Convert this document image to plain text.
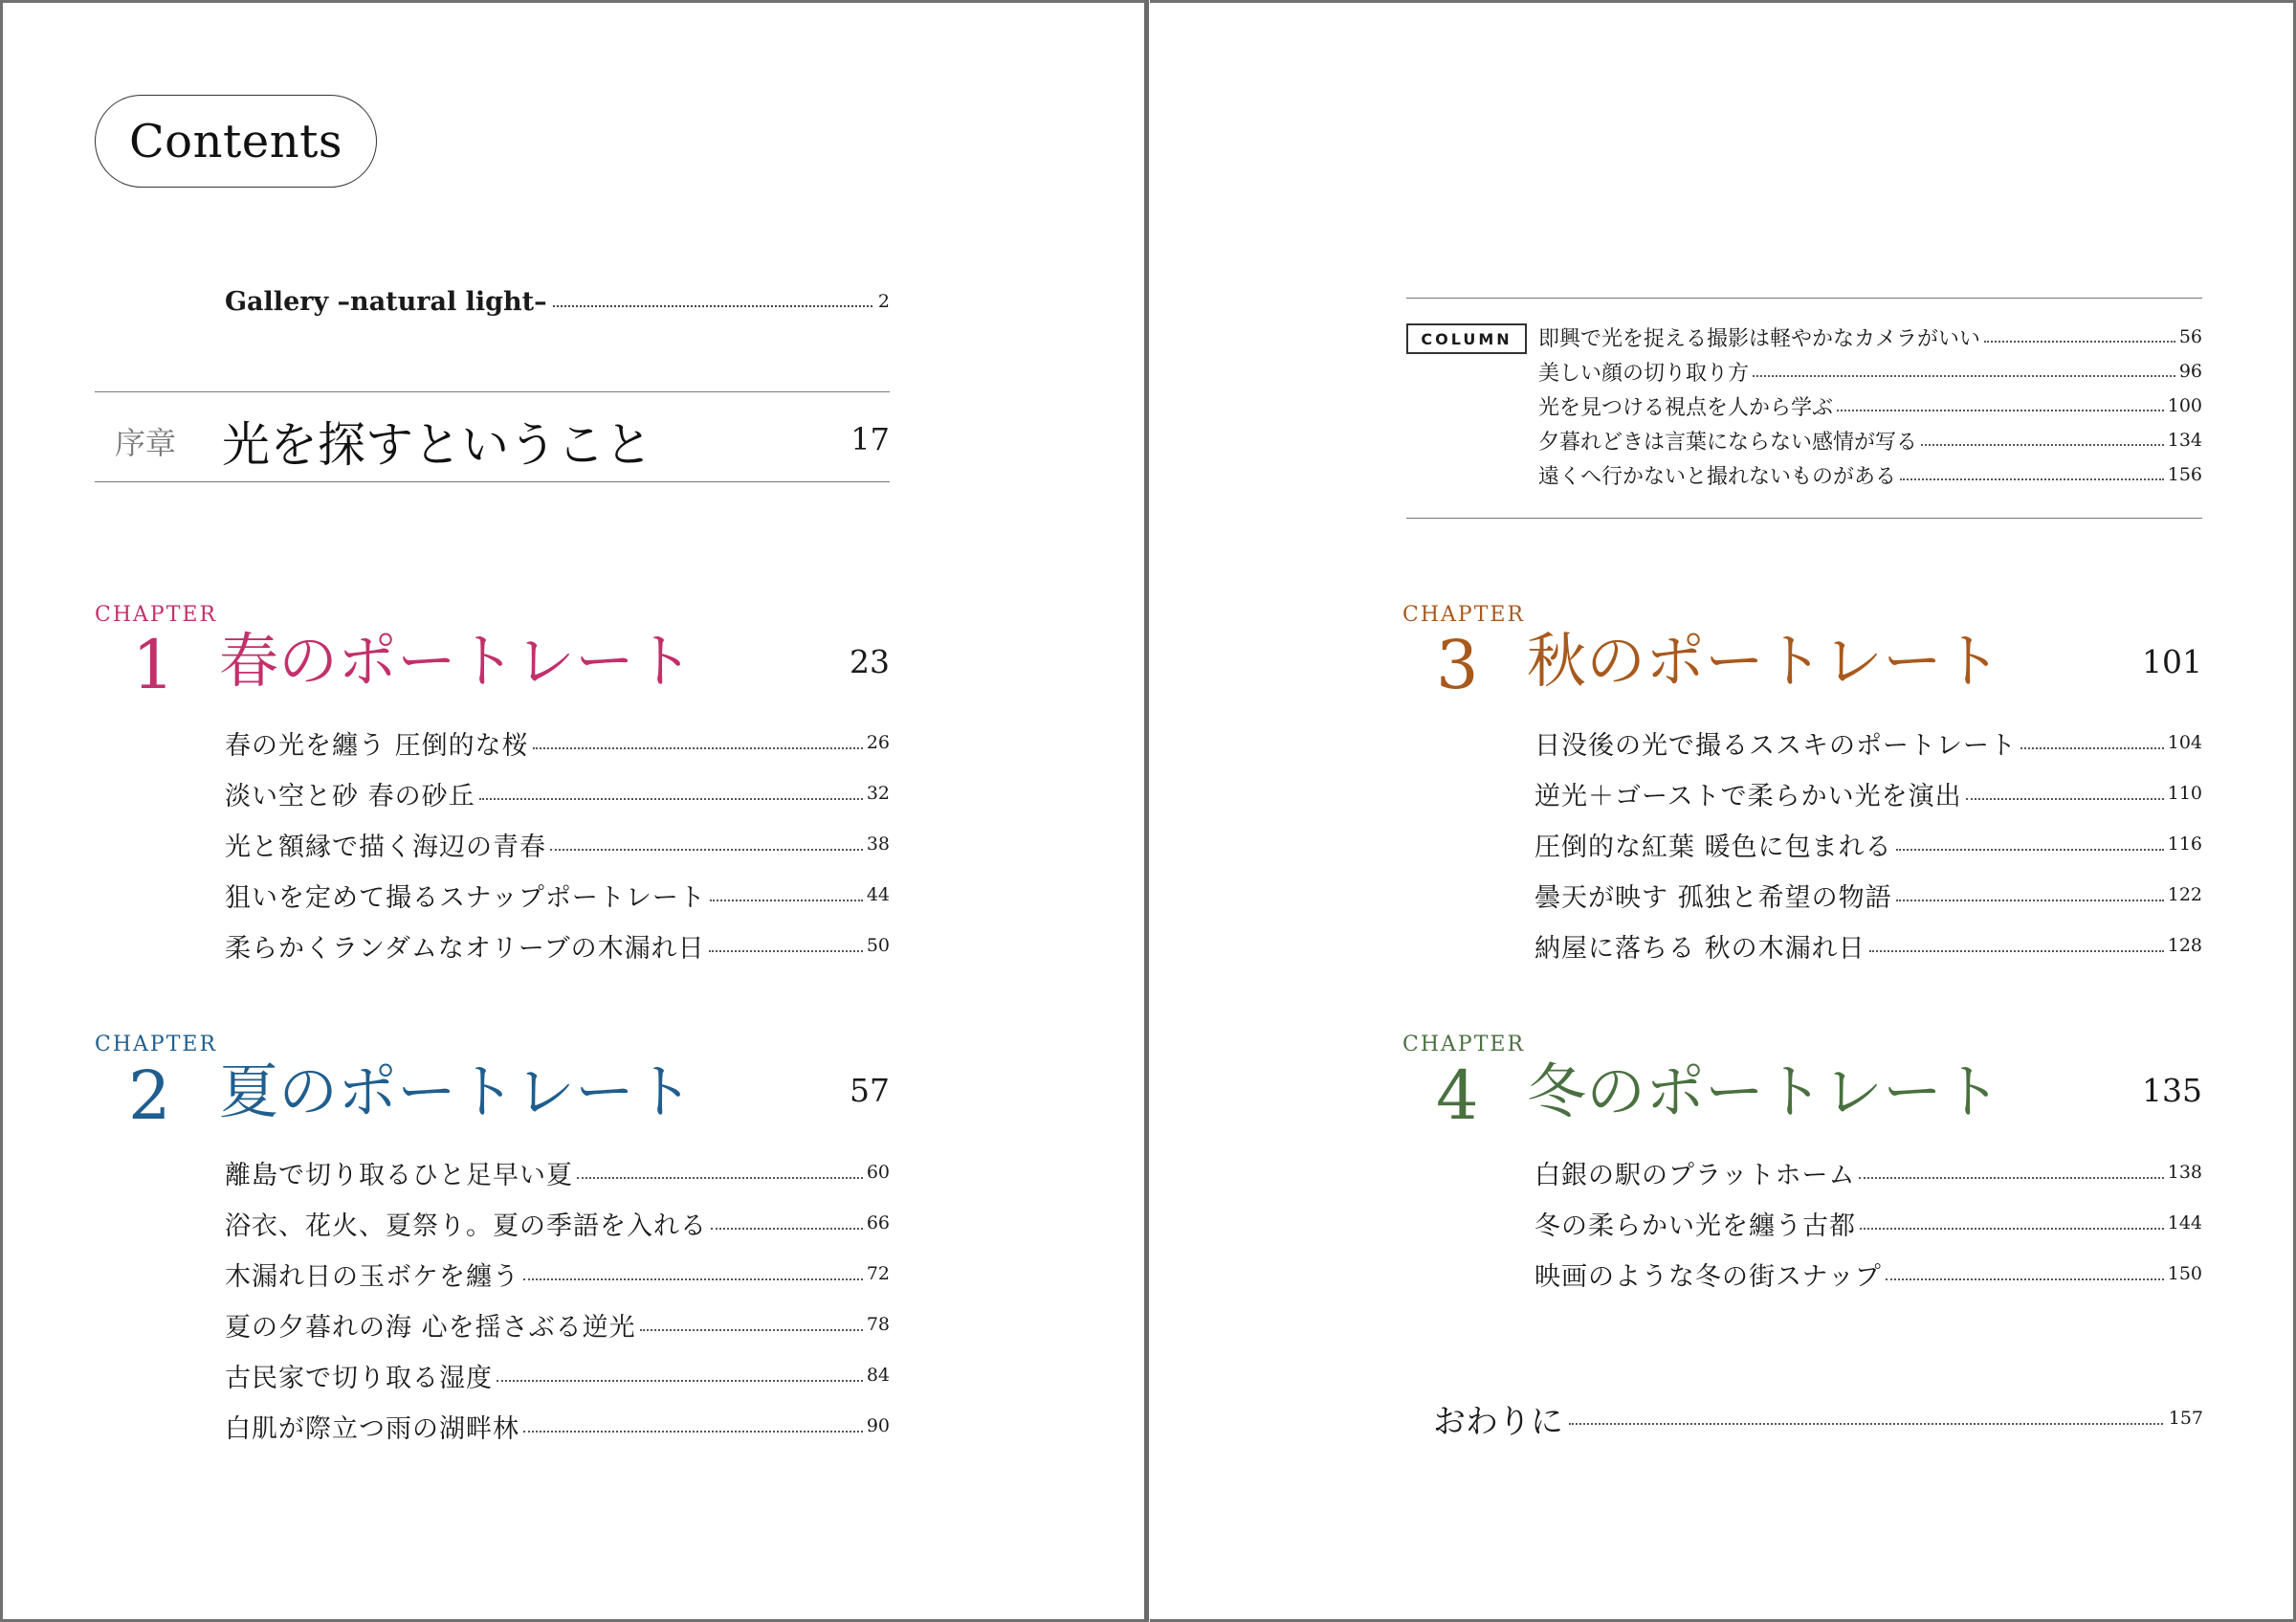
Contents
Gallery –natural light–	2
序章 光を探すということ	17
CHAPTER
1 春のポートレート	23
春の光を纏う 圧倒的な桜	26
淡い空と砂 春の砂丘	32
光と額縁で描く海辺の青春	38
狙いを定めて撮るスナップポートレート	44
柔らかくランダムなオリーブの木漏れ日	50
CHAPTER
2 夏のポートレート	57
離島で切り取るひと足早い夏	60
浴衣、花火、夏祭り。夏の季語を入れる	66
木漏れ日の玉ボケを纏う	72
夏の夕暮れの海 心を揺さぶる逆光	78
古民家で切り取る湿度	84
白肌が際立つ雨の湖畔林	90
COLUMN	即興で光を捉える撮影は軽やかなカメラがいい	56
美しい顔の切り取り方	96
光を見つける視点を人から学ぶ	100
夕暮れどきは言葉にならない感情が写る	134
遠くへ行かないと撮れないものがある	156
CHAPTER
3 秋のポートレート	101
日没後の光で撮るススキのポートレート	104
逆光＋ゴーストで柔らかい光を演出	110
圧倒的な紅葉 暖色に包まれる	116
曇天が映す 孤独と希望の物語	122
納屋に落ちる 秋の木漏れ日	128
CHAPTER
4 冬のポートレート	135
白銀の駅のプラットホーム	138
冬の柔らかい光を纏う古都	144
映画のような冬の街スナップ	150
おわりに	157
